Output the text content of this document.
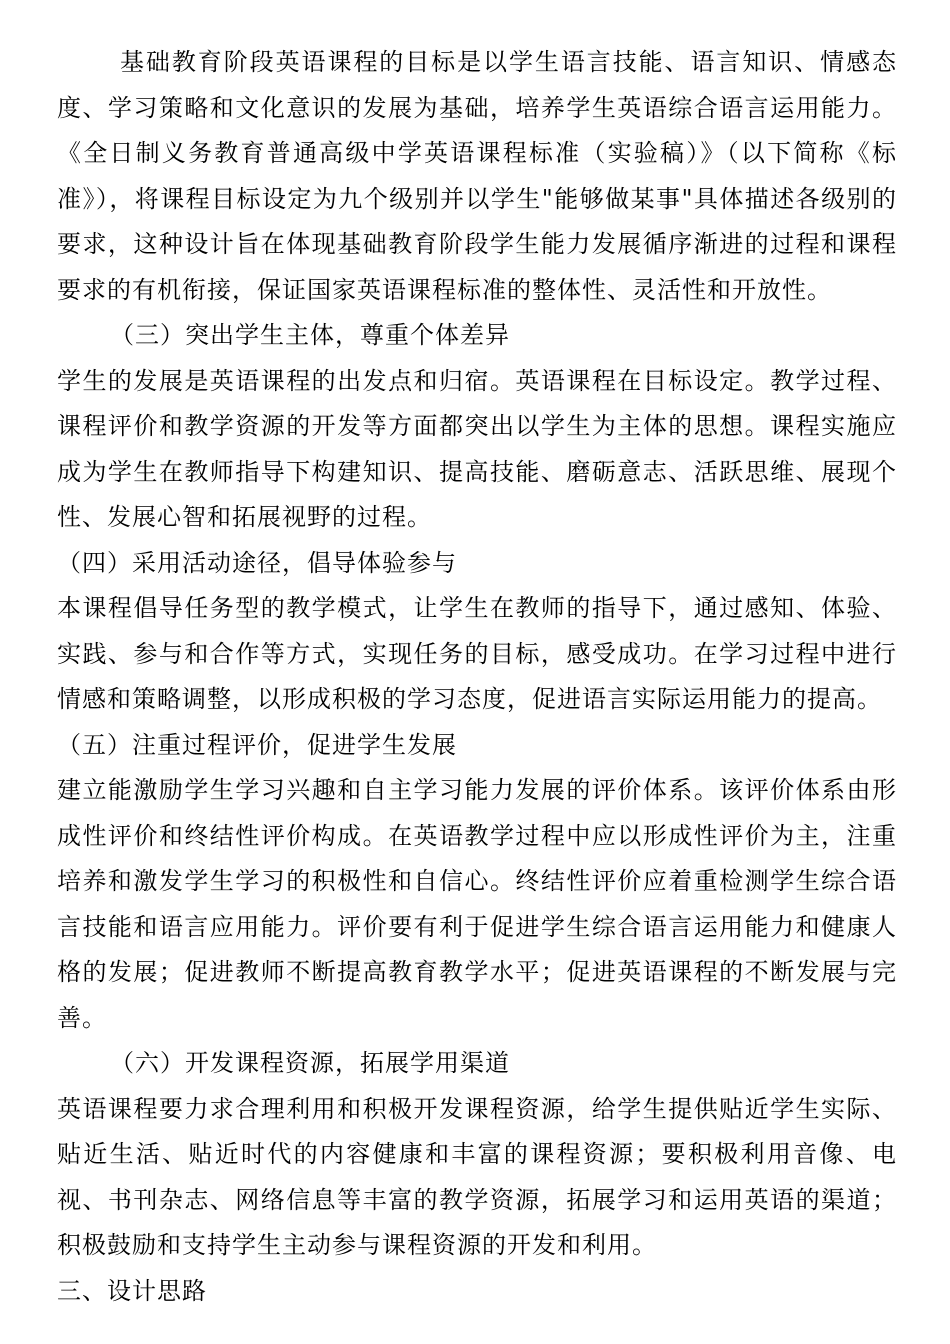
基础教育阶段英语课程的目标是以学生语言技能、语言知识、情感态度、学习策略和文化意识的发展为基础，培养学生英语综合语言运用能力。《全日制义务教育普通高级中学英语课程标准（实验稿）》（以下简称《标准》），将课程目标设定为九个级别并以学生"能够做某事"具体描述各级别的要求，这种设计旨在体现基础教育阶段学生能力发展循序渐进的过程和课程要求的有机衔接，保证国家英语课程标准的整体性、灵活性和开放性。

（三）突出学生主体，尊重个体差异

学生的发展是英语课程的出发点和归宿。英语课程在目标设定。教学过程、课程评价和教学资源的开发等方面都突出以学生为主体的思想。课程实施应成为学生在教师指导下构建知识、提高技能、磨砺意志、活跃思维、展现个性、发展心智和拓展视野的过程。

（四）采用活动途径，倡导体验参与

本课程倡导任务型的教学模式，让学生在教师的指导下，通过感知、体验、实践、参与和合作等方式，实现任务的目标，感受成功。在学习过程中进行情感和策略调整，以形成积极的学习态度，促进语言实际运用能力的提高。

（五）注重过程评价，促进学生发展

建立能激励学生学习兴趣和自主学习能力发展的评价体系。该评价体系由形成性评价和终结性评价构成。在英语教学过程中应以形成性评价为主，注重培养和激发学生学习的积极性和自信心。终结性评价应着重检测学生综合语言技能和语言应用能力。评价要有利于促进学生综合语言运用能力和健康人格的发展；促进教师不断提高教育教学水平；促进英语课程的不断发展与完善。

（六）开发课程资源，拓展学用渠道

英语课程要力求合理利用和积极开发课程资源，给学生提供贴近学生实际、贴近生活、贴近时代的内容健康和丰富的课程资源；要积极利用音像、电视、书刊杂志、网络信息等丰富的教学资源，拓展学习和运用英语的渠道；积极鼓励和支持学生主动参与课程资源的开发和利用。

三、设计思路
